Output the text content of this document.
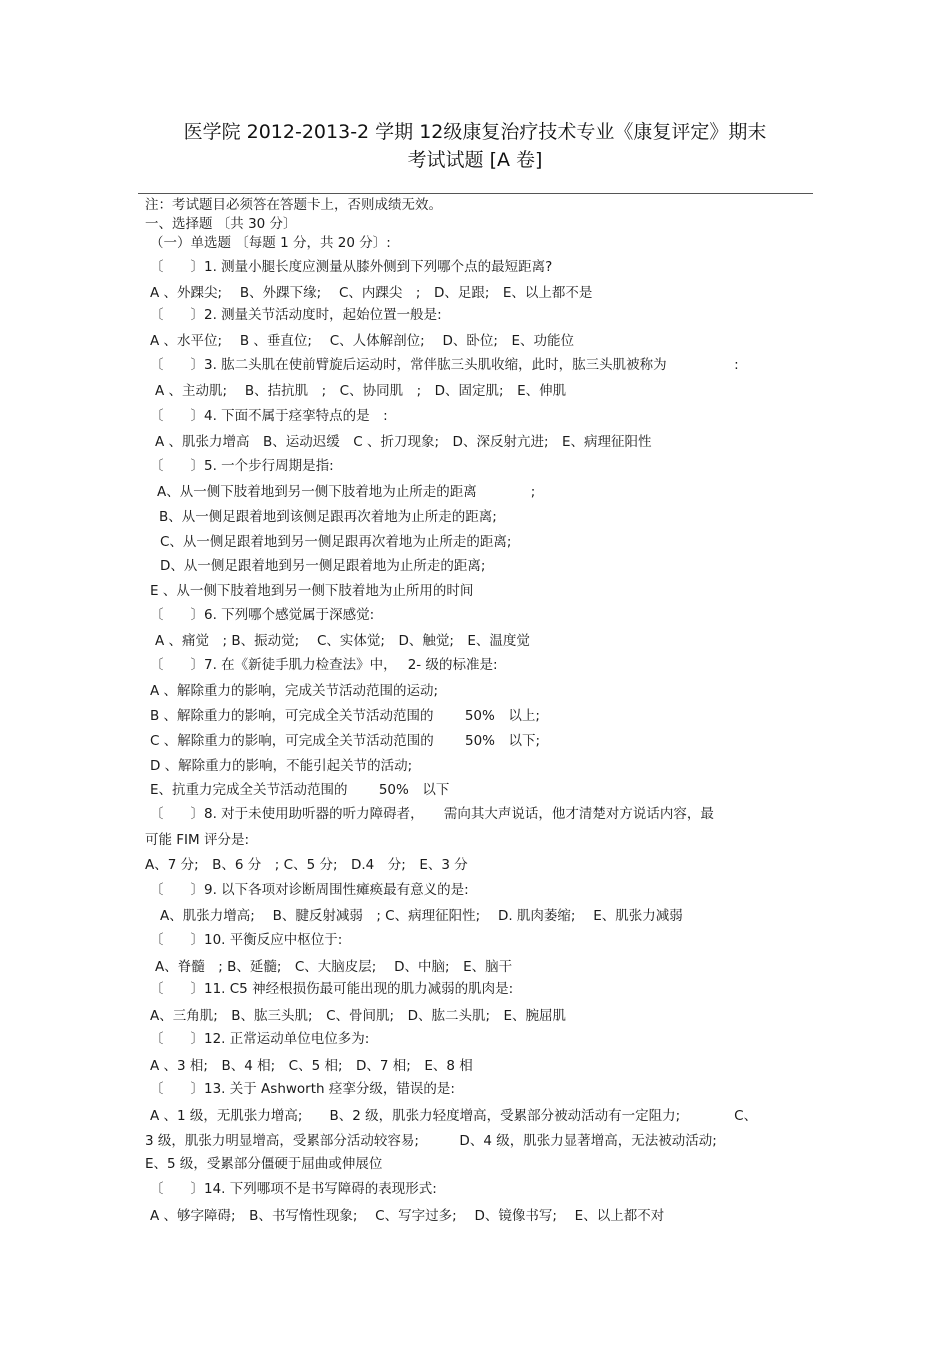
医学院 2012-2013-2 学期 12级康复治疗技术专业《康复评定》期末
考试试题 [A 卷]
注：考试题目必须答在答题卡上，否则成绩无效。
一、选择题 〔共 30 分〕
（一）单选题 〔每题 1 分，共 20 分〕:
〔　　〕1. 测量小腿长度应测量从膝外侧到下列哪个点的最短距离?
A 、外踝尖;　 B、外踝下缘;　 C、内踝尖　;　D、足跟;　E、以上都不是
〔　　〕2. 测量关节活动度时，起始位置一般是:
A 、水平位;　 B 、垂直位;　 C、人体解剖位;　 D、卧位;　E、功能位
〔　　〕3. 肱二头肌在使前臂旋后运动时，常伴肱三头肌收缩，此时，肱三头肌被称为　　　　　:
A 、主动肌;　 B、拮抗肌　;　C、协同肌　;　D、固定肌;　E、伸肌
〔　　〕4. 下面不属于痉挛特点的是　:
A 、肌张力增高　B、运动迟缓　C 、折刀现象;　D、深反射亢进;　E、病理征阳性
〔　　〕5. 一个步行周期是指:
A、从一侧下肢着地到另一侧下肢着地为止所走的距离　　　　;
B、从一侧足跟着地到该侧足跟再次着地为止所走的距离;
C、从一侧足跟着地到另一侧足跟再次着地为止所走的距离;
D、从一侧足跟着地到另一侧足跟着地为止所走的距离;
E 、从一侧下肢着地到另一侧下肢着地为止所用的时间
〔　　〕6. 下列哪个感觉属于深感觉:
A 、痛觉　; B、振动觉;　 C、实体觉;　D、触觉;　E、温度觉
〔　　〕7. 在《新徒手肌力检查法》中，　 2- 级的标准是:
A 、解除重力的影响，完成关节活动范围的运动;
B 、解除重力的影响，可完成全关节活动范围的　　 50%　以上;
C 、解除重力的影响，可完成全关节活动范围的　　 50%　以下;
D 、解除重力的影响，不能引起关节的活动;
E、抗重力完成全关节活动范围的　　 50%　以下
〔　　〕8. 对于未使用助听器的听力障碍者，　　需向其大声说话，他才清楚对方说话内容，最
可能 FIM 评分是:
A、7 分;　B、6 分　; C、5 分;　D.4　分;　E、3 分
〔　　〕9. 以下各项对诊断周围性瘫痪最有意义的是:
A、肌张力增高;　 B、腱反射减弱　; C、病理征阳性;　 D. 肌肉萎缩;　 E、肌张力减弱
〔　　〕10. 平衡反应中枢位于:
A、脊髓　; B、延髓;　C、大脑皮层;　 D、中脑;　E、脑干
〔　　〕11. C5 神经根损伤最可能出现的肌力减弱的肌肉是:
A、三角肌;　B、肱三头肌;　C、骨间肌;　D、肱二头肌;　E、腕屈肌
〔　　〕12. 正常运动单位电位多为:
A 、3 相;　B、4 相;　C、5 相;　D、7 相;　E、8 相
〔　　〕13. 关于 Ashworth 痉挛分级，错误的是:
A 、1 级，无肌张力增高;　　B、2 级，肌张力轻度增高，受累部分被动活动有一定阻力;　　　　C、
3 级，肌张力明显增高，受累部分活动较容易;　　　D、4 级，肌张力显著增高，无法被动活动;
E、5 级，受累部分僵硬于屈曲或伸展位
〔　　〕14. 下列哪项不是书写障碍的表现形式:
A 、够字障碍;　B、书写惰性现象;　 C、写字过多;　 D、镜像书写;　 E、以上都不对
